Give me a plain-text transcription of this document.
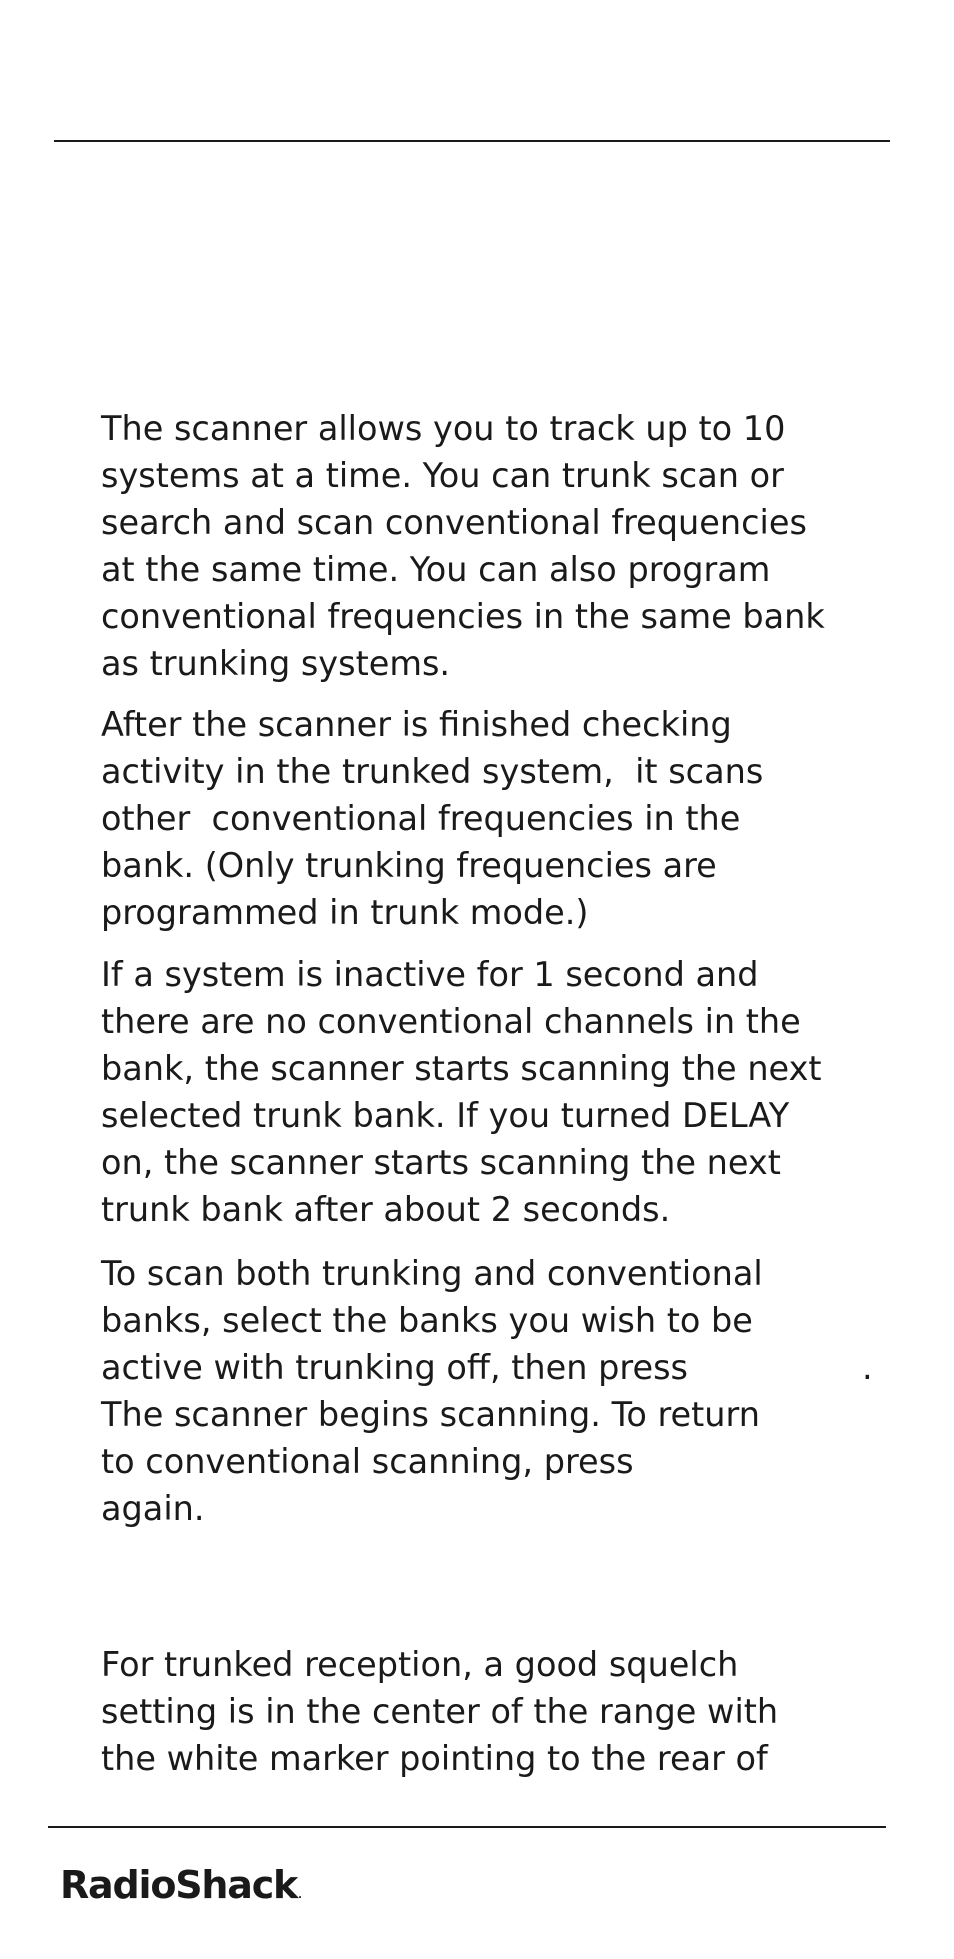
The scanner allows you to track up to 10
systems at a time. You can trunk scan or
search and scan conventional frequencies
at the same time. You can also program
conventional frequencies in the same bank
as trunking systems.

After the scanner is finished checking
activity in the trunked system,  it scans
other  conventional frequencies in the
bank. (Only trunking frequencies are
programmed in trunk mode.)

If a system is inactive for 1 second and
there are no conventional channels in the
bank, the scanner starts scanning the next
selected trunk bank. If you turned DELAY
on, the scanner starts scanning the next
trunk bank after about 2 seconds.

To scan both trunking and conventional
banks, select the banks you wish to be
active with trunking off, then press
The scanner begins scanning. To return
to conventional scanning, press
again.

.

For trunked reception, a good squelch
setting is in the center of the range with
the white marker pointing to the rear of

RadioShack.
